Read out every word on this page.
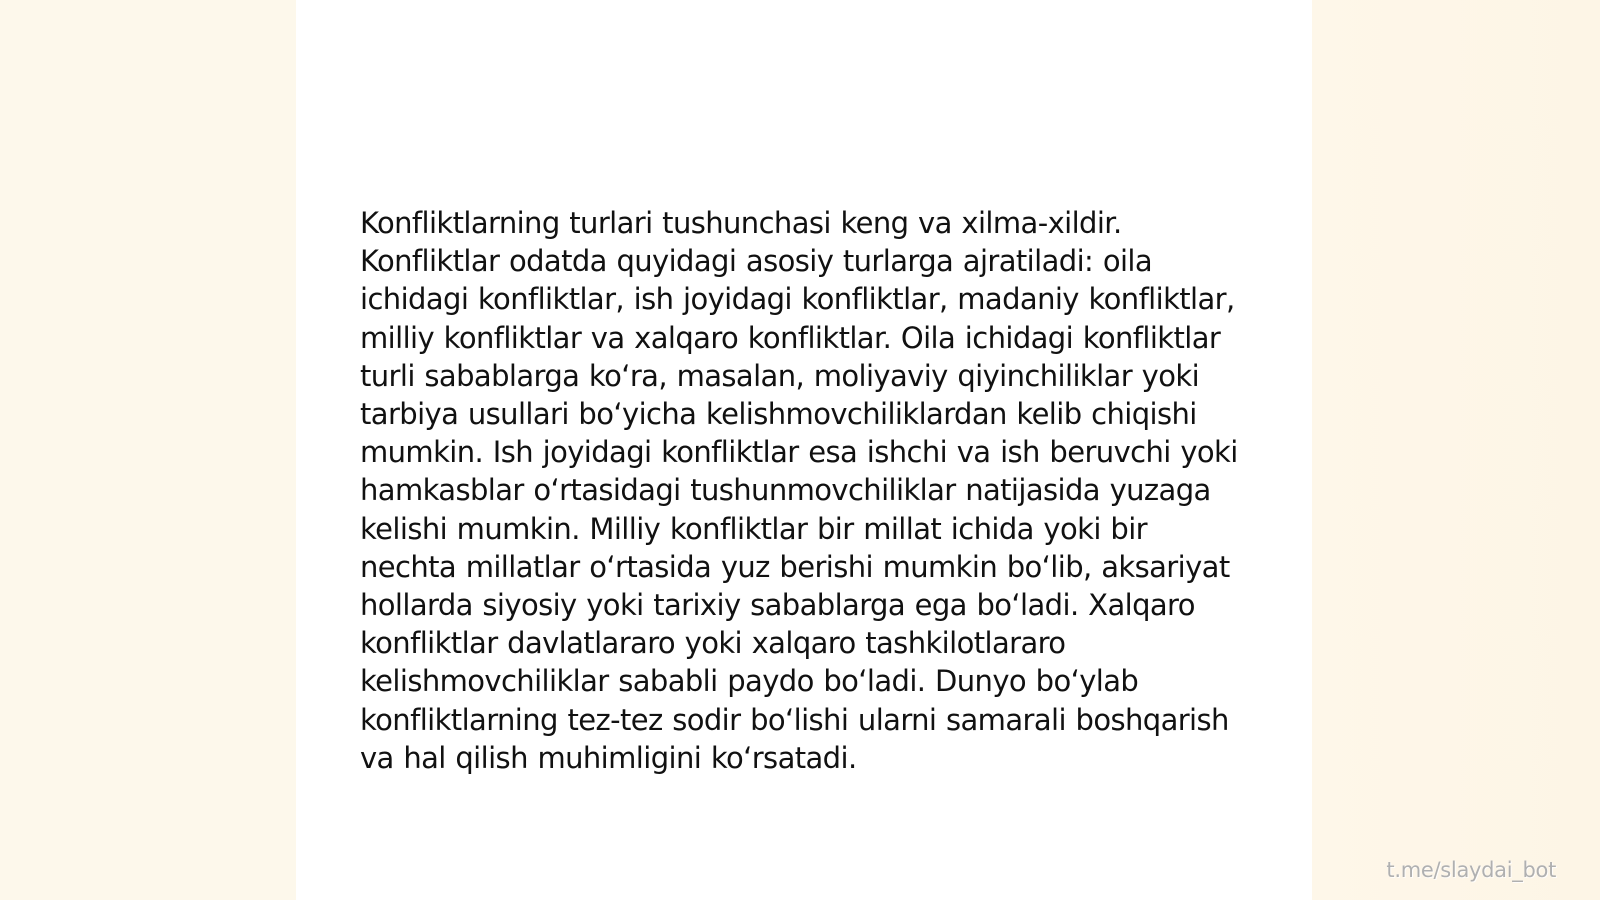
Konfliktlarning turlari tushunchasi keng va xilma-xildir. Konfliktlar odatda quyidagi asosiy turlarga ajratiladi: oila ichidagi konfliktlar, ish joyidagi konfliktlar, madaniy konfliktlar, milliy konfliktlar va xalqaro konfliktlar. Oila ichidagi konfliktlar turli sabablarga koʻra, masalan, moliyaviy qiyinchiliklar yoki tarbiya usullari boʻyicha kelishmovchiliklardan kelib chiqishi mumkin. Ish joyidagi konfliktlar esa ishchi va ish beruvchi yoki hamkasblar oʻrtasidagi tushunmovchiliklar natijasida yuzaga kelishi mumkin. Milliy konfliktlar bir millat ichida yoki bir nechta millatlar oʻrtasida yuz berishi mumkin boʻlib, aksariyat hollarda siyosiy yoki tarixiy sabablarga ega boʻladi. Xalqaro konfliktlar davlatlararo yoki xalqaro tashkilotlararo kelishmovchiliklar sababli paydo boʻladi. Dunyo boʻylab konfliktlarning tez-tez sodir boʻlishi ularni samarali boshqarish va hal qilish muhimligini koʻrsatadi.

t.me/slaydai_bot
